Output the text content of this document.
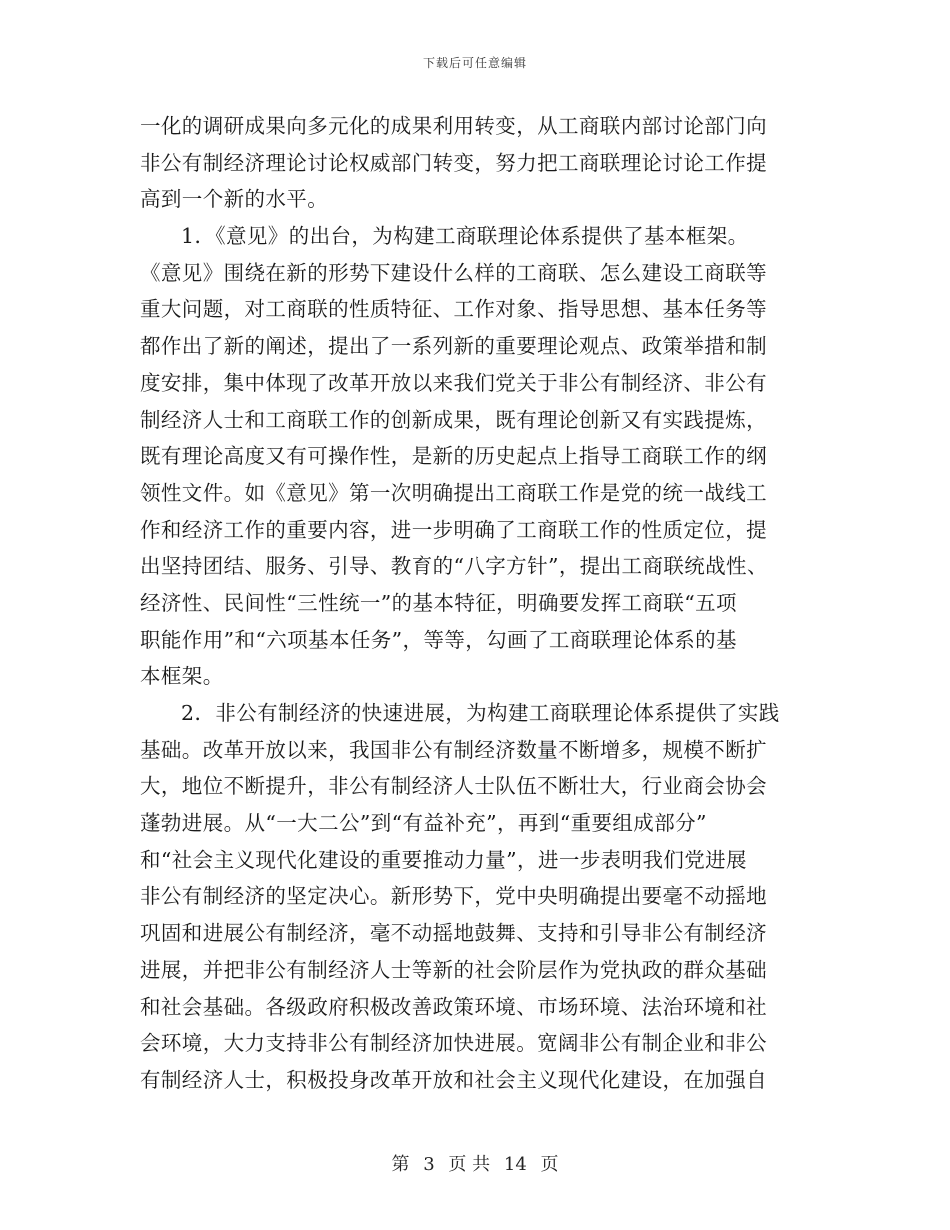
下载后可任意编辑
一化的调研成果向多元化的成果利用转变，从工商联内部讨论部门向
非公有制经济理论讨论权威部门转变，努力把工商联理论讨论工作提
高到一个新的水平。
1．《意见》的出台，为构建工商联理论体系提供了基本框架。
《意见》围绕在新的形势下建设什么样的工商联、怎么建设工商联等
重大问题，对工商联的性质特征、工作对象、指导思想、基本任务等
都作出了新的阐述，提出了一系列新的重要理论观点、政策举措和制
度安排，集中体现了改革开放以来我们党关于非公有制经济、非公有
制经济人士和工商联工作的创新成果，既有理论创新又有实践提炼，
既有理论高度又有可操作性，是新的历史起点上指导工商联工作的纲
领性文件。如《意见》第一次明确提出工商联工作是党的统一战线工
作和经济工作的重要内容，进一步明确了工商联工作的性质定位，提
出坚持团结、服务、引导、教育的“八字方针”，提出工商联统战性、
经济性、民间性“三性统一”的基本特征，明确要发挥工商联“五项
职能作用”和“六项基本任务”，等等，勾画了工商联理论体系的基
本框架。
2．非公有制经济的快速进展，为构建工商联理论体系提供了实践
基础。改革开放以来，我国非公有制经济数量不断增多，规模不断扩
大，地位不断提升，非公有制经济人士队伍不断壮大，行业商会协会
蓬勃进展。从“一大二公”到“有益补充”，再到“重要组成部分”
和“社会主义现代化建设的重要推动力量”，进一步表明我们党进展
非公有制经济的坚定决心。新形势下，党中央明确提出要毫不动摇地
巩固和进展公有制经济，毫不动摇地鼓舞、支持和引导非公有制经济
进展，并把非公有制经济人士等新的社会阶层作为党执政的群众基础
和社会基础。各级政府积极改善政策环境、市场环境、法治环境和社
会环境，大力支持非公有制经济加快进展。宽阔非公有制企业和非公
有制经济人士，积极投身改革开放和社会主义现代化建设，在加强自
第 3 页 共 14 页
